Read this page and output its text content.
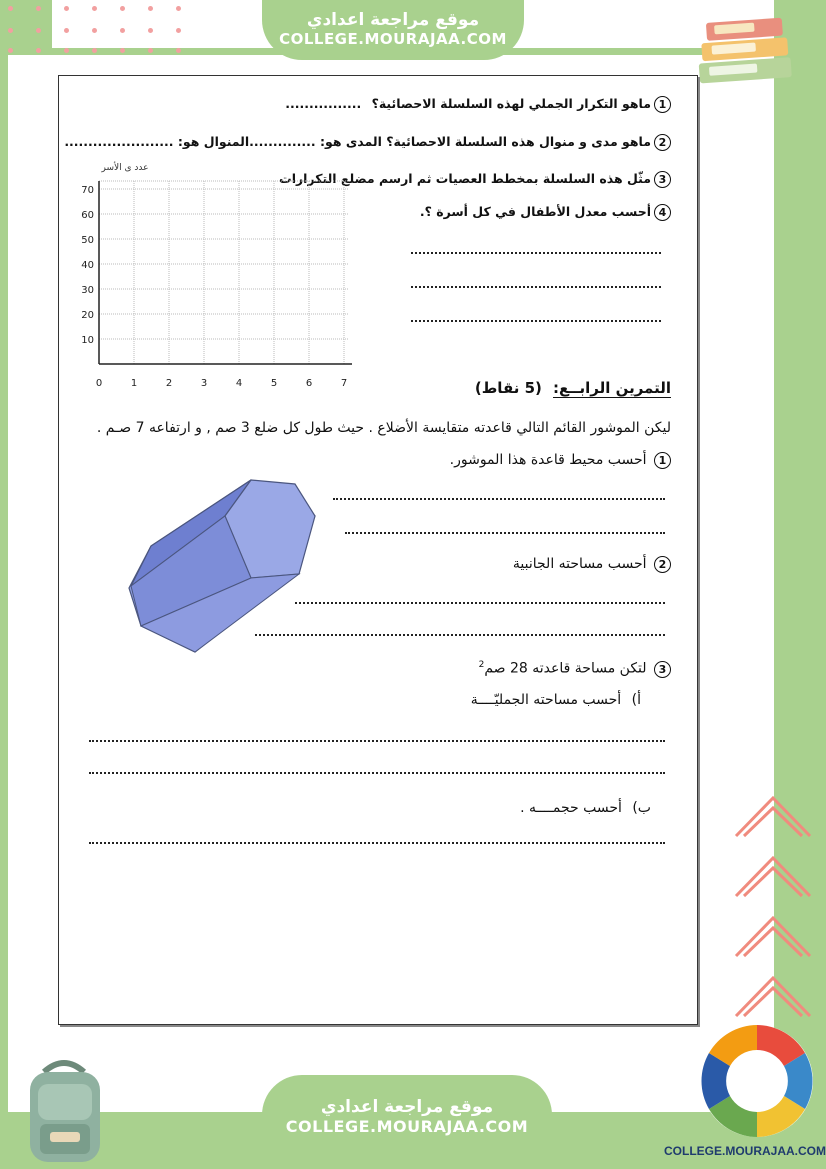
موقع مراجعة اعدادي
COLLEGE.MOURAJAA.COM
1ماهو التكرار الجملي لهذه السلسلة الاحصائية؟ ................
2ماهو مدى و منوال هذه السلسلة الاحصائية؟ المدى هو: ..............المنوال هو: .......................
3مثّل هذه السلسلة بمخطط العصيات ثم ارسم مضلع التكرارات
4أحسب معدل الأطفال في كل أسرة ؟.
عدد ى الأسر
10
20
30
40
50
60
70
0	1	2	3	4	5	6	7	التمرين الرابــع: (5 نقاط)
ليكن الموشور القائم التالي قاعدته متقايسة الأضلاع . حيث طول كل ضلع 3 صم , و ارتفاعه 7 صـم .
1 أحسب محيط قاعدة هذا الموشور.
2 أحسب مساحته الجانبية
3 لتكن مساحة قاعدته 28 صم$^2$
أ) أحسب مساحته الجمليّــــة
ب) أحسب حجمــــه .
موقع مراجعة اعدادي
COLLEGE.MOURAJAA.COM
COLLEGE.MOURAJAA.COM
